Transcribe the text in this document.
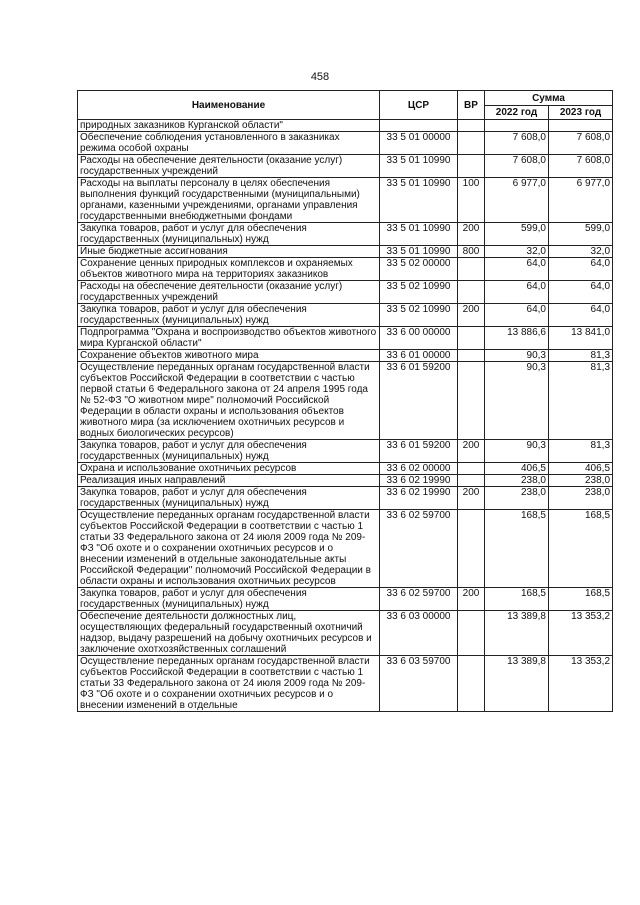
458
Наименование	ЦСР	ВР	Сумма	
			2022 год	2023 год
природных заказников Курганской области"				
Обеспечение соблюдения установленного в заказниках режима особой охраны	33 5 01 00000		7 608,0	7 608,0
Расходы на обеспечение деятельности (оказание услуг) государственных учреждений	33 5 01 10990		7 608,0	7 608,0
Расходы на выплаты персоналу в целях обеспечения выполнения функций государственными (муниципальными) органами, казенными учреждениями, органами управления государственными внебюджетными фондами	33 5 01 10990	100	6 977,0	6 977,0
Закупка товаров, работ и услуг для обеспечения государственных (муниципальных) нужд	33 5 01 10990	200	599,0	599,0
Иные бюджетные ассигнования	33 5 01 10990	800	32,0	32,0
Сохранение ценных природных комплексов и охраняемых объектов животного мира на территориях заказников	33 5 02 00000		64,0	64,0
Расходы на обеспечение деятельности (оказание услуг) государственных учреждений	33 5 02 10990		64,0	64,0
Закупка товаров, работ и услуг для обеспечения государственных (муниципальных) нужд	33 5 02 10990	200	64,0	64,0
Подпрограмма "Охрана и воспроизводство объектов животного мира Курганской области"	33 6 00 00000		13 886,6	13 841,0
Сохранение объектов животного мира	33 6 01 00000		90,3	81,3
Осуществление переданных органам государственной власти субъектов Российской Федерации в соответствии с частью первой статьи 6 Федерального закона от 24 апреля 1995 года № 52-ФЗ "О животном мире" полномочий Российской Федерации в области охраны и использования объектов животного мира (за исключением охотничьих ресурсов и водных биологических ресурсов)	33 6 01 59200		90,3	81,3
Закупка товаров, работ и услуг для обеспечения государственных (муниципальных) нужд	33 6 01 59200	200	90,3	81,3
Охрана и использование охотничьих ресурсов	33 6 02 00000		406,5	406,5
Реализация иных направлений	33 6 02 19990		238,0	238,0
Закупка товаров, работ и услуг для обеспечения государственных (муниципальных) нужд	33 6 02 19990	200	238,0	238,0
Осуществление переданных органам государственной власти субъектов Российской Федерации в соответствии с частью 1 статьи 33 Федерального закона от 24 июля 2009 года № 209-ФЗ "Об охоте и о сохранении охотничьих ресурсов и о внесении изменений в отдельные законодательные акты Российской Федерации" полномочий Российской Федерации в области охраны и использования охотничьих ресурсов	33 6 02 59700		168,5	168,5
Закупка товаров, работ и услуг для обеспечения государственных (муниципальных) нужд	33 6 02 59700	200	168,5	168,5
Обеспечение деятельности должностных лиц, осуществляющих федеральный государственный охотничий надзор, выдачу разрешений на добычу охотничьих ресурсов и заключение охотхозяйственных соглашений	33 6 03 00000		13 389,8	13 353,2
Осуществление переданных органам государственной власти субъектов Российской Федерации в соответствии с частью 1 статьи 33 Федерального закона от 24 июля 2009 года № 209-ФЗ "Об охоте и о сохранении охотничьих ресурсов и о внесении изменений в отдельные	33 6 03 59700		13 389,8	13 353,2
